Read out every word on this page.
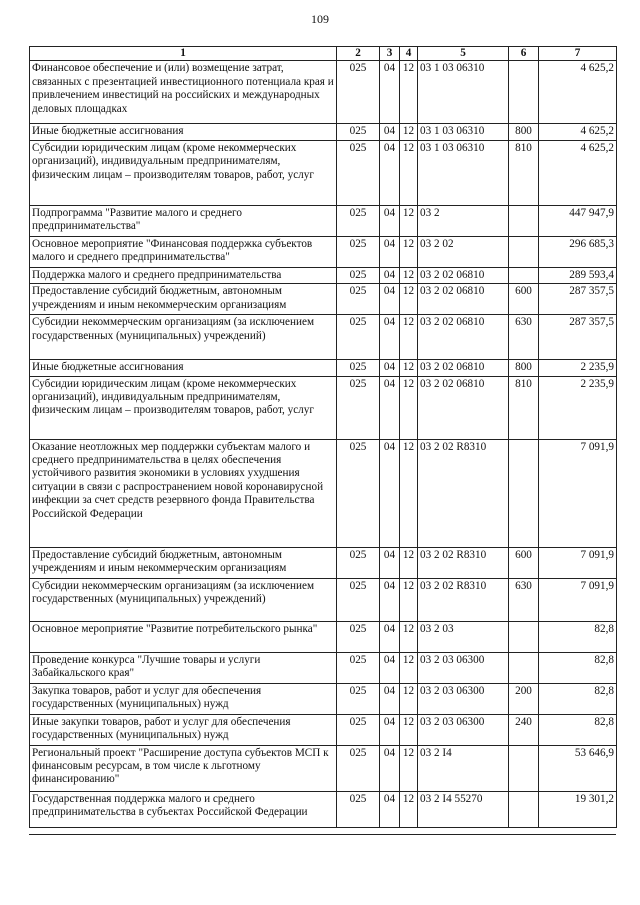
109
1	2	3	4	5	6	7
Финансовое обеспечение и (или) возмещение затрат, связанных с презентацией инвестиционного потенциала края и привлечением инвестиций на российских и международных деловых площадках	025	04	12	03 1 03 06310		4 625,2
Иные бюджетные ассигнования	025	04	12	03 1 03 06310	800	4 625,2
Субсидии юридическим лицам (кроме некоммерческих организаций), индивидуальным предпринимателям, физическим лицам – производителям товаров, работ, услуг	025	04	12	03 1 03 06310	810	4 625,2
Подпрограмма "Развитие малого и среднего предпринимательства"	025	04	12	03 2		447 947,9
Основное мероприятие "Финансовая поддержка субъектов малого и среднего предпринимательства"	025	04	12	03 2 02		296 685,3
Поддержка малого и среднего предпринимательства	025	04	12	03 2 02 06810		289 593,4
Предоставление субсидий бюджетным, автономным учреждениям и иным некоммерческим организациям	025	04	12	03 2 02 06810	600	287 357,5
Субсидии некоммерческим организациям (за исключением государственных (муниципальных) учреждений)	025	04	12	03 2 02 06810	630	287 357,5
Иные бюджетные ассигнования	025	04	12	03 2 02 06810	800	2 235,9
Субсидии юридическим лицам (кроме некоммерческих организаций), индивидуальным предпринимателям, физическим лицам – производителям товаров, работ, услуг	025	04	12	03 2 02 06810	810	2 235,9
Оказание неотложных мер поддержки субъектам малого и среднего предпринимательства в целях обеспечения устойчивого развития экономики в условиях ухудшения ситуации в связи с распространением новой коронавирусной инфекции за счет средств резервного фонда Правительства Российской Федерации	025	04	12	03 2 02 R8310		7 091,9
Предоставление субсидий бюджетным, автономным учреждениям и иным некоммерческим организациям	025	04	12	03 2 02 R8310	600	7 091,9
Субсидии некоммерческим организациям (за исключением государственных (муниципальных) учреждений)	025	04	12	03 2 02 R8310	630	7 091,9
Основное мероприятие "Развитие потребительского рынка"	025	04	12	03 2 03		82,8
Проведение конкурса "Лучшие товары и услуги Забайкальского края"	025	04	12	03 2 03 06300		82,8
Закупка товаров, работ и услуг для обеспечения государственных (муниципальных) нужд	025	04	12	03 2 03 06300	200	82,8
Иные закупки товаров, работ и услуг для обеспечения государственных (муниципальных) нужд	025	04	12	03 2 03 06300	240	82,8
Региональный проект "Расширение доступа субъектов МСП к финансовым ресурсам, в том числе к льготному финансированию"	025	04	12	03 2 I4		53 646,9
Государственная поддержка малого и среднего предпринимательства в субъектах Российской Федерации	025	04	12	03 2 I4 55270		19 301,2
